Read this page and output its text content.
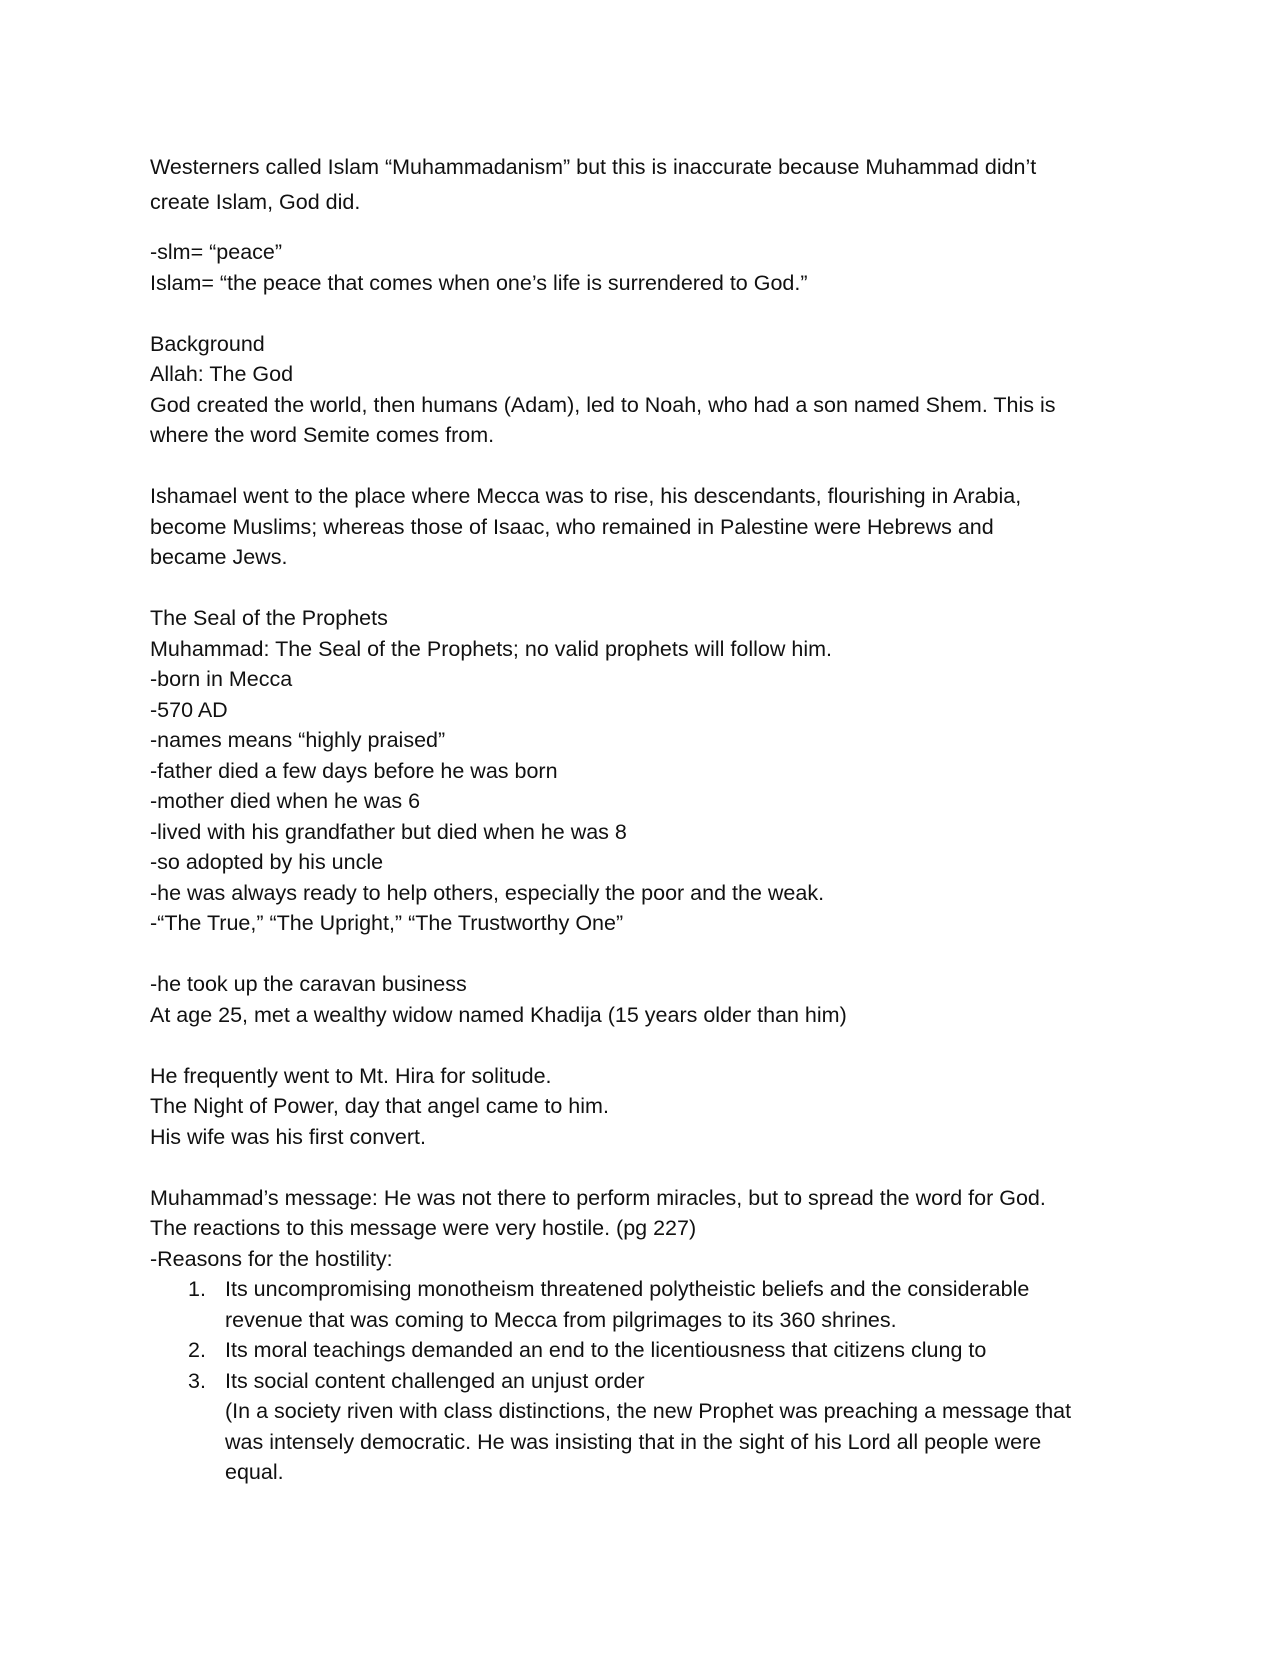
Westerners called Islam “Muhammadanism” but this is inaccurate because Muhammad didn’t

create Islam, God did.

-slm= “peace”

Islam= “the peace that comes when one’s life is surrendered to God.”

Background

Allah: The God

God created the world, then humans (Adam), led to Noah, who had a son named Shem. This is

where the word Semite comes from.

Ishamael went to the place where Mecca was to rise, his descendants, flourishing in Arabia,

become Muslims; whereas those of Isaac, who remained in Palestine were Hebrews and

became Jews.

The Seal of the Prophets

Muhammad: The Seal of the Prophets; no valid prophets will follow him.

-born in Mecca

-570 AD

-names means “highly praised”

-father died a few days before he was born

-mother died when he was 6

-lived with his grandfather but died when he was 8

-so adopted by his uncle

-he was always ready to help others, especially the poor and the weak.

-“The True,” “The Upright,” “The Trustworthy One”

-he took up the caravan business

At age 25, met a wealthy widow named Khadija (15 years older than him)

He frequently went to Mt. Hira for solitude.

The Night of Power, day that angel came to him.

His wife was his first convert.

Muhammad’s message: He was not there to perform miracles, but to spread the word for God.

The reactions to this message were very hostile. (pg 227)

-Reasons for the hostility:

1. Its uncompromising monotheism threatened polytheistic beliefs and the considerable
revenue that was coming to Mecca from pilgrimages to its 360 shrines.
2. Its moral teachings demanded an end to the licentiousness that citizens clung to
3. Its social content challenged an unjust order
(In a society riven with class distinctions, the new Prophet was preaching a message that
was intensely democratic. He was insisting that in the sight of his Lord all people were
equal.
